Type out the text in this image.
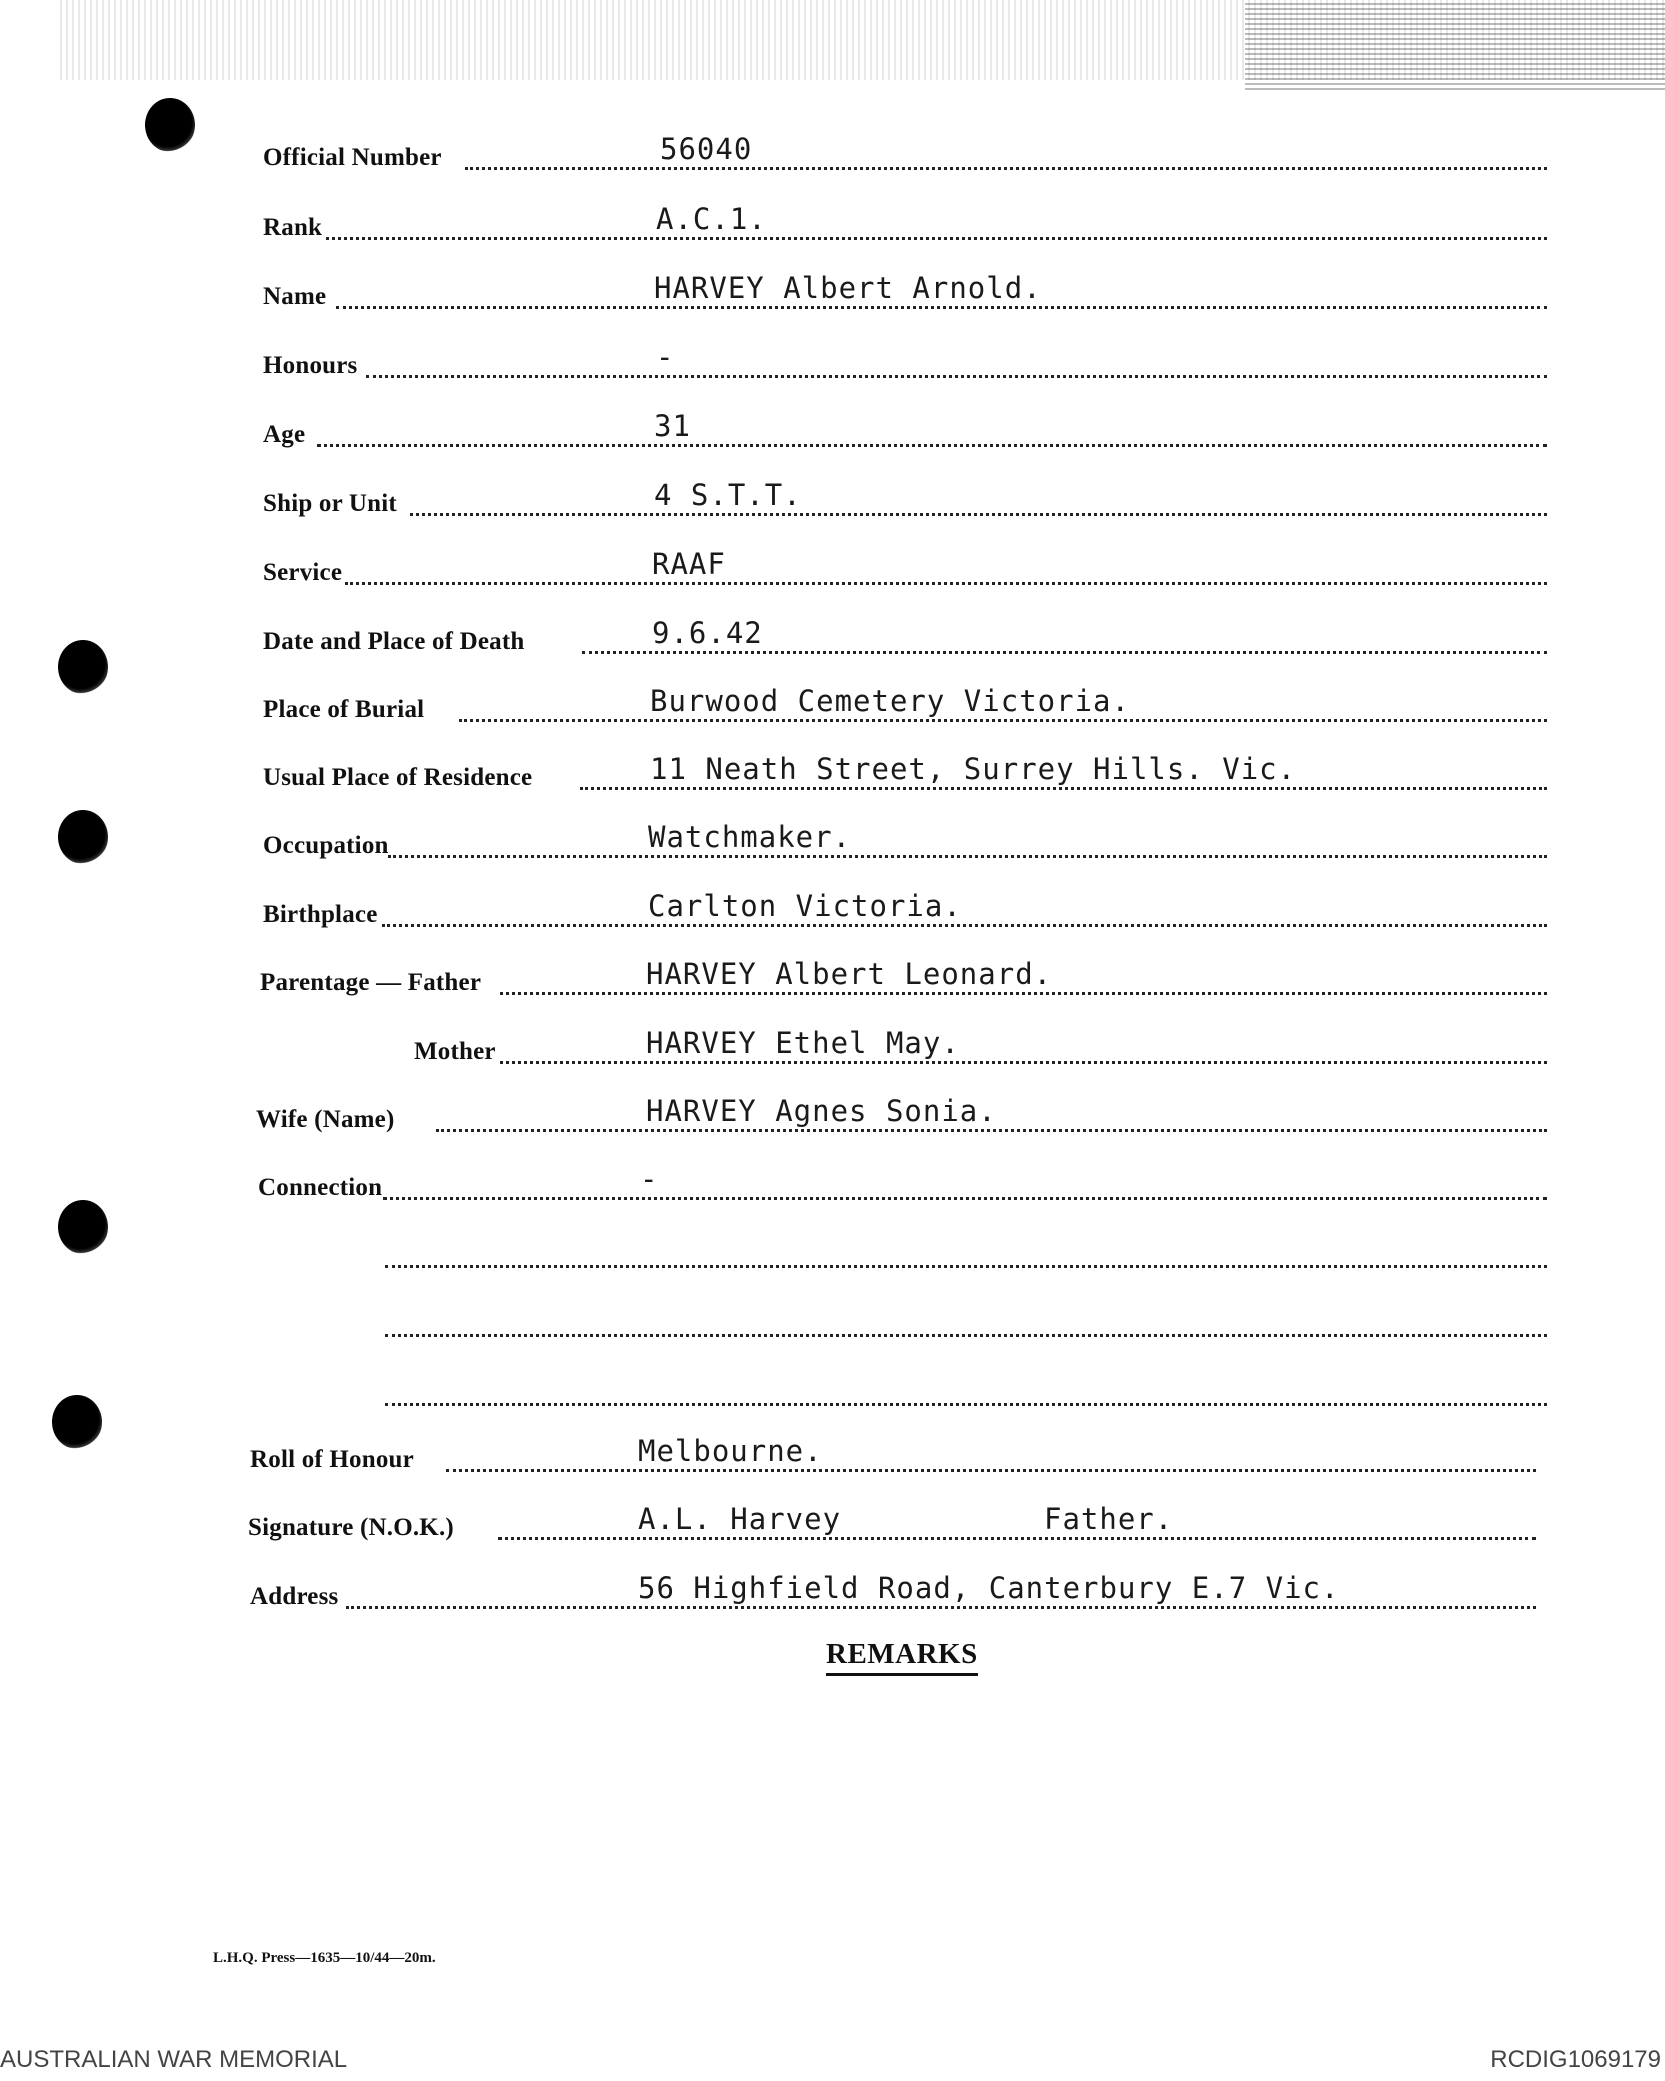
Official Number	56040
Rank	A.C.1.
Name	HARVEY Albert Arnold.
Honours	-
Age	31
Ship or Unit	4 S.T.T.
Service	RAAF
Date and Place of Death	9.6.42
Place of Burial	Burwood Cemetery Victoria.
Usual Place of Residence	11 Neath Street, Surrey Hills. Vic.
Occupation	Watchmaker.
Birthplace	Carlton Victoria.
Parentage — Father	HARVEY Albert Leonard.
Mother	HARVEY Ethel May.
Wife (Name)	HARVEY Agnes Sonia.
Connection	-
Roll of Honour	Melbourne.
Signature (N.O.K.)	A.L. Harvey	Father.
Address	56 Highfield Road, Canterbury E.7 Vic.
REMARKS
L.H.Q. Press—1635—10/44—20m.
AUSTRALIAN WAR MEMORIAL	RCDIG1069179
